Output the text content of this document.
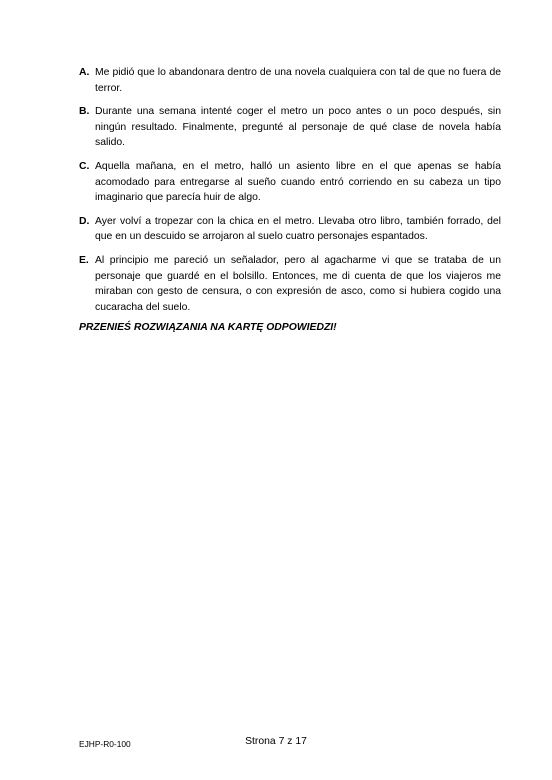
A. Me pidió que lo abandonara dentro de una novela cualquiera con tal de que no fuera de terror.
B. Durante una semana intenté coger el metro un poco antes o un poco después, sin ningún resultado. Finalmente, pregunté al personaje de qué clase de novela había salido.
C. Aquella mañana, en el metro, halló un asiento libre en el que apenas se había acomodado para entregarse al sueño cuando entró corriendo en su cabeza un tipo imaginario que parecía huir de algo.
D. Ayer volví a tropezar con la chica en el metro. Llevaba otro libro, también forrado, del que en un descuido se arrojaron al suelo cuatro personajes espantados.
E. Al principio me pareció un señalador, pero al agacharme vi que se trataba de un personaje que guardé en el bolsillo. Entonces, me di cuenta de que los viajeros me miraban con gesto de censura, o con expresión de asco, como si hubiera cogido una cucaracha del suelo.
PRZENIEŚ ROZWIĄZANIA NA KARTĘ ODPOWIEDZI!
EJHP-R0-100	Strona 7 z 17
